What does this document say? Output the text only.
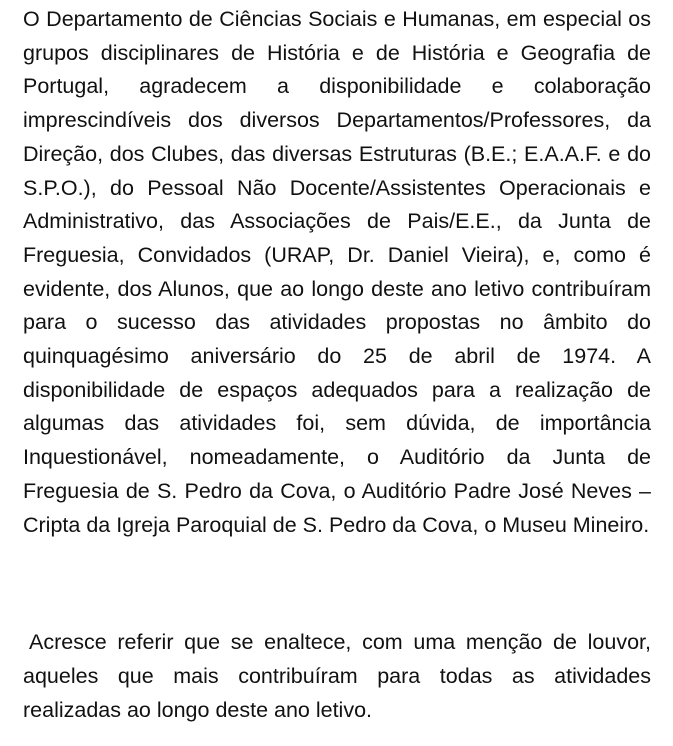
O Departamento de Ciências Sociais e Humanas, em especial os grupos disciplinares de História e de História e Geografia de Portugal, agradecem a disponibilidade e colaboração imprescindíveis dos diversos Departamentos/Professores, da Direção, dos Clubes, das diversas Estruturas (B.E.; E.A.A.F. e do S.P.O.), do Pessoal Não Docente/Assistentes Operacionais e Administrativo, das Associações de Pais/E.E., da Junta de Freguesia, Convidados (URAP, Dr. Daniel Vieira), e, como é evidente, dos Alunos, que ao longo deste ano letivo contribuíram para o sucesso das atividades propostas no âmbito do quinquagésimo aniversário do 25 de abril de 1974. A disponibilidade de espaços adequados para a realização de algumas das atividades foi, sem dúvida, de importância Inquestionável, nomeadamente, o Auditório da Junta de Freguesia de S. Pedro da Cova, o Auditório Padre José Neves – Cripta da Igreja Paroquial de S. Pedro da Cova, o Museu Mineiro.

Acresce referir que se enaltece, com uma menção de louvor, aqueles que mais contribuíram para todas as atividades realizadas ao longo deste ano letivo.
